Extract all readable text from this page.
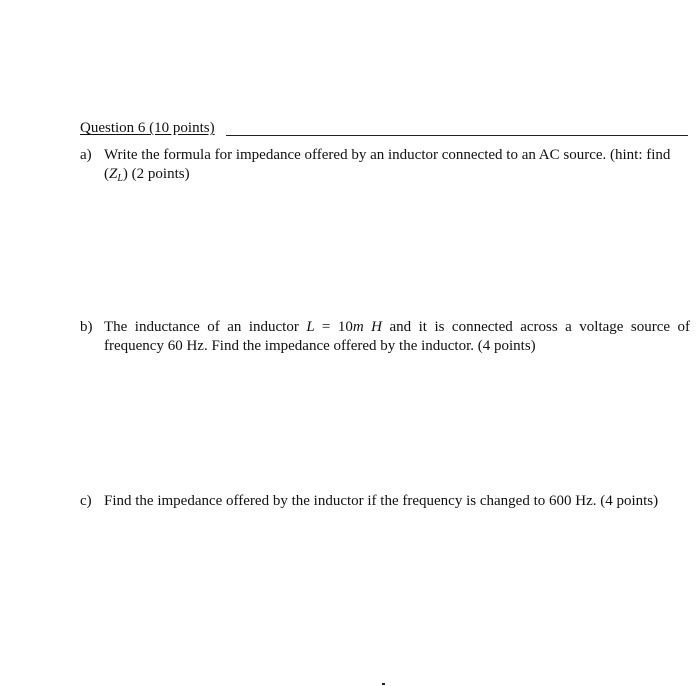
Question 6 (10 points)
a) Write the formula for impedance offered by an inductor connected to an AC source. (hint: find
$(Z_L)$ (2 points)
b) The inductance of an inductor L = 10m H and it is connected across a voltage source of frequency 60 Hz. Find the impedance offered by the inductor. (4 points)
c) Find the impedance offered by the inductor if the frequency is changed to 600 Hz. (4 points)
